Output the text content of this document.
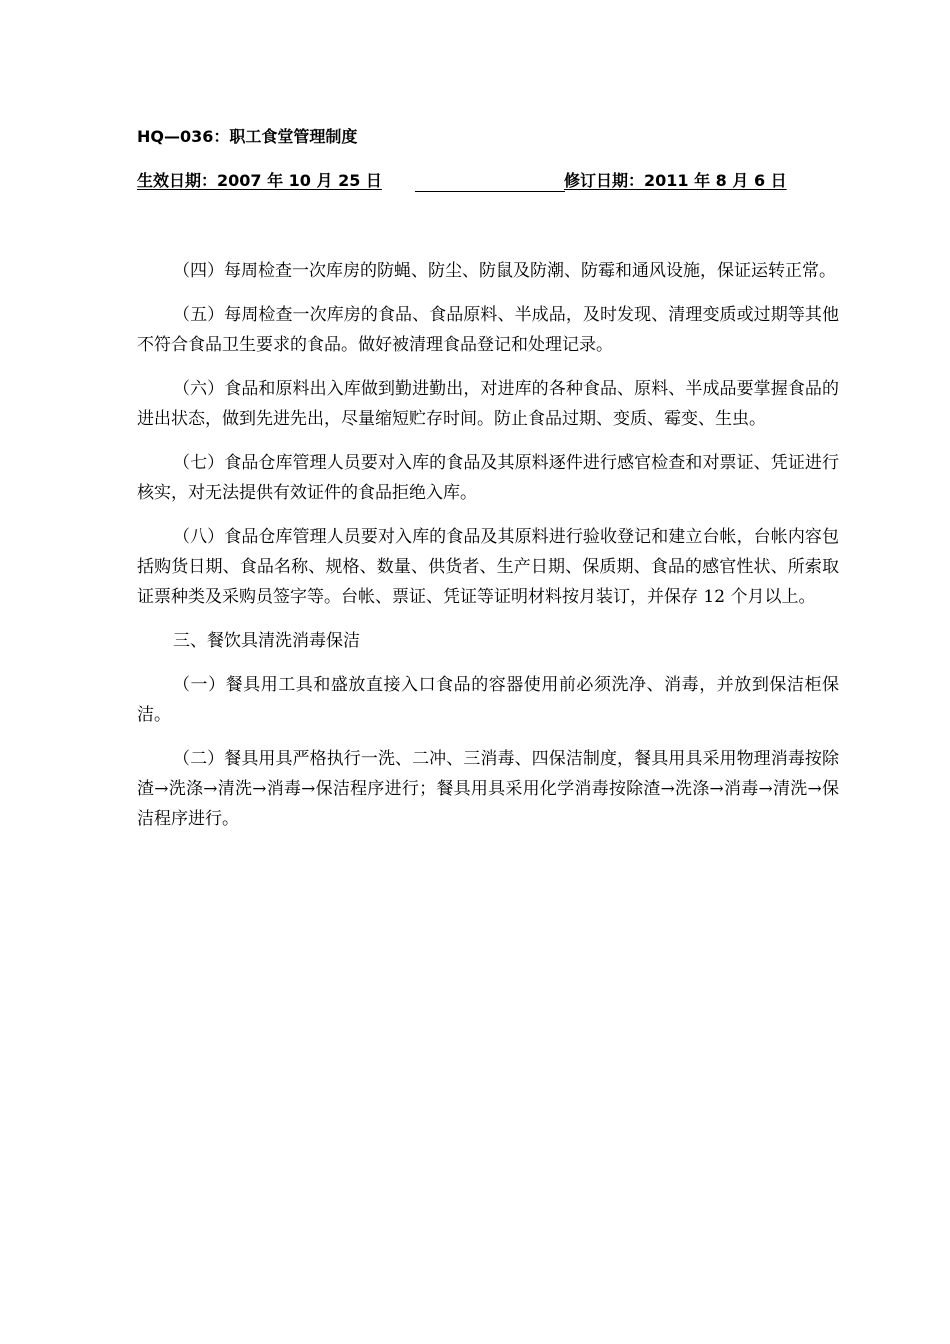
HQ—036：职工食堂管理制度
生效日期：2007 年 10 月 25 日	修订日期：2011 年 8 月 6 日

（四）每周检查一次库房的防蝇、防尘、防鼠及防潮、防霉和通风设施，保证运转正常。

（五）每周检查一次库房的食品、食品原料、半成品，及时发现、清理变质或过期等其他不符合食品卫生要求的食品。做好被清理食品登记和处理记录。

（六）食品和原料出入库做到勤进勤出，对进库的各种食品、原料、半成品要掌握食品的进出状态，做到先进先出，尽量缩短贮存时间。防止食品过期、变质、霉变、生虫。

（七）食品仓库管理人员要对入库的食品及其原料逐件进行感官检查和对票证、凭证进行核实，对无法提供有效证件的食品拒绝入库。

（八）食品仓库管理人员要对入库的食品及其原料进行验收登记和建立台帐，台帐内容包括购货日期、食品名称、规格、数量、供货者、生产日期、保质期、食品的感官性状、所索取证票种类及采购员签字等。台帐、票证、凭证等证明材料按月装订，并保存 12 个月以上。

三、餐饮具清洗消毒保洁

（一）餐具用工具和盛放直接入口食品的容器使用前必须洗净、消毒，并放到保洁柜保洁。

（二）餐具用具严格执行一洗、二冲、三消毒、四保洁制度，餐具用具采用物理消毒按除渣→洗涤→清洗→消毒→保洁程序进行；餐具用具采用化学消毒按除渣→洗涤→消毒→清洗→保洁程序进行。
